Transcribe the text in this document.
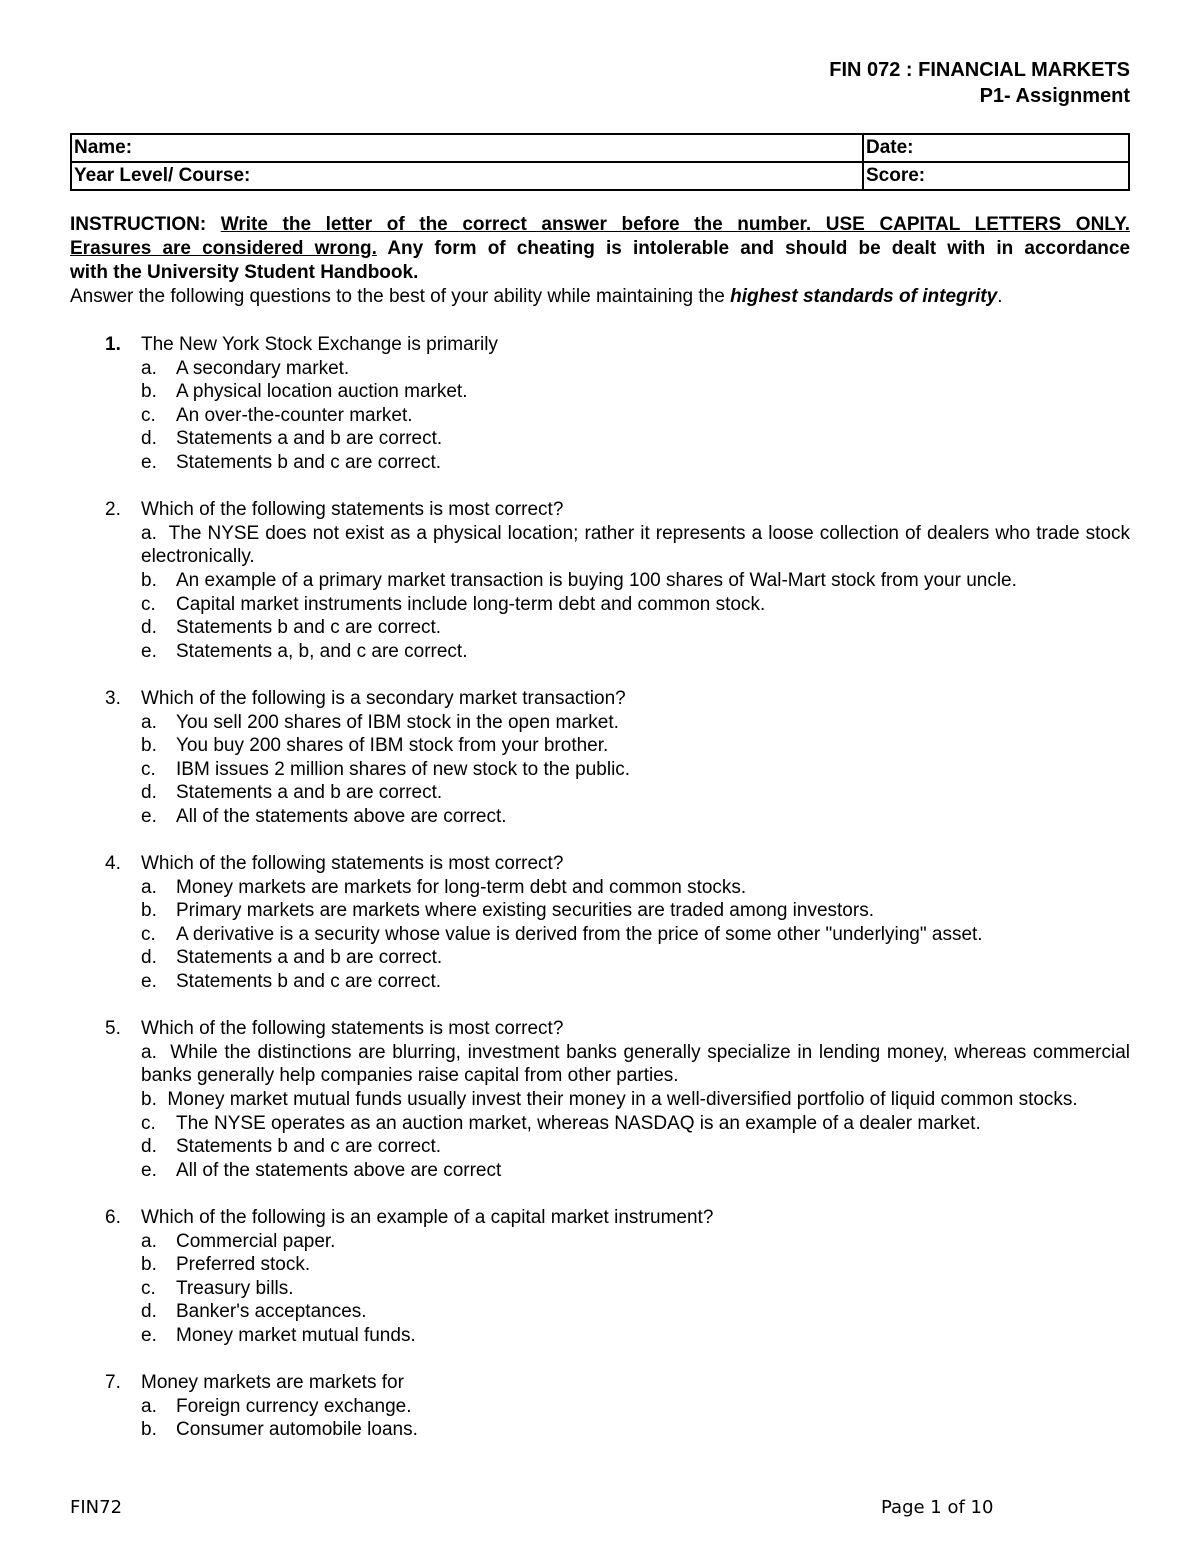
FIN 072 : FINANCIAL MARKETS
P1- Assignment
Name:	Date:
Year Level/ Course:	Score:
INSTRUCTION: Write the letter of the correct answer before the number. USE CAPITAL LETTERS ONLY.
Erasures are considered wrong. Any form of cheating is intolerable and should be dealt with in accordance
with the University Student Handbook.
Answer the following questions to the best of your ability while maintaining the highest standards of integrity.
1.	The New York Stock Exchange is primarily
a.	A secondary market.
b.	A physical location auction market.
c.	An over-the-counter market.
d.	Statements a and b are correct.
e.	Statements b and c are correct.
2.	Which of the following statements is most correct?
a. The NYSE does not exist as a physical location; rather it represents a loose collection of dealers who trade stock electronically.
b.	An example of a primary market transaction is buying 100 shares of Wal-Mart stock from your uncle.
c.	Capital market instruments include long-term debt and common stock.
d.	Statements b and c are correct.
e.	Statements a, b, and c are correct.
3.	Which of the following is a secondary market transaction?
a.	You sell 200 shares of IBM stock in the open market.
b.	You buy 200 shares of IBM stock from your brother.
c.	IBM issues 2 million shares of new stock to the public.
d.	Statements a and b are correct.
e.	All of the statements above are correct.
4.	Which of the following statements is most correct?
a.	Money markets are markets for long-term debt and common stocks.
b.	Primary markets are markets where existing securities are traded among investors.
c.	A derivative is a security whose value is derived from the price of some other "underlying" asset.
d.	Statements a and b are correct.
e.	Statements b and c are correct.
5.	Which of the following statements is most correct?
a. While the distinctions are blurring, investment banks generally specialize in lending money, whereas commercial banks generally help companies raise capital from other parties.
b. Money market mutual funds usually invest their money in a well-diversified portfolio of liquid common stocks.
c.	The NYSE operates as an auction market, whereas NASDAQ is an example of a dealer market.
d.	Statements b and c are correct.
e.	All of the statements above are correct
6.	Which of the following is an example of a capital market instrument?
a.	Commercial paper.
b.	Preferred stock.
c.	Treasury bills.
d.	Banker's acceptances.
e.	Money market mutual funds.
7.	Money markets are markets for
a.	Foreign currency exchange.
b.	Consumer automobile loans.
FIN72	Page 1 of 10
